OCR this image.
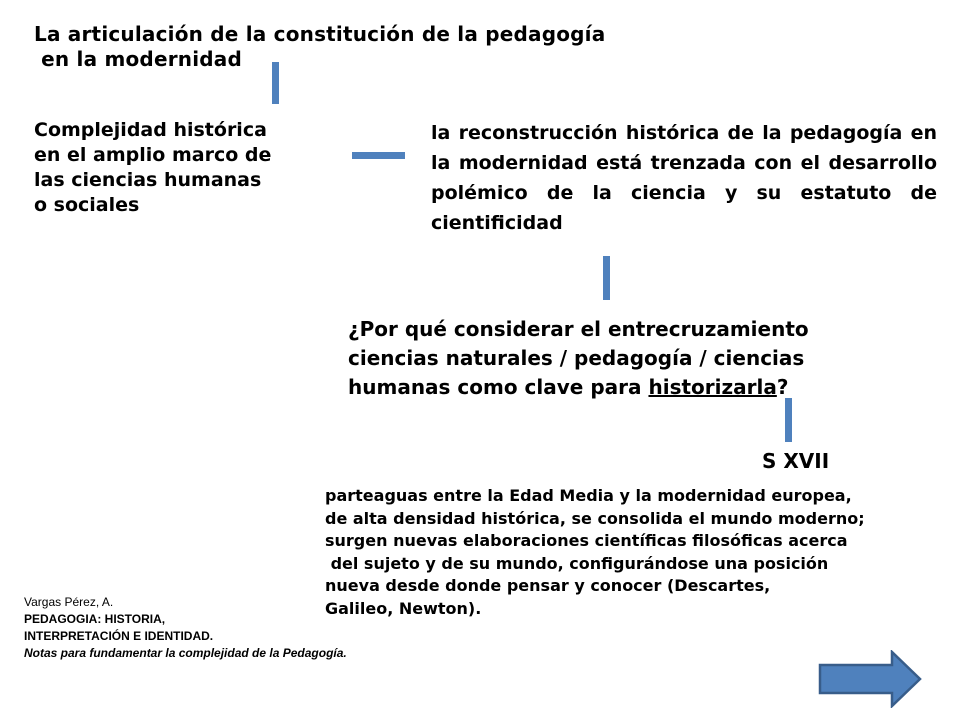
La articulación de la constitución de la pedagogía
en la modernidad
Complejidad histórica
en el amplio marco de
las ciencias humanas
o sociales
la reconstrucción histórica de la pedagogía en la modernidad está trenzada con el desarrollo polémico de la ciencia y su estatuto de cientificidad
¿Por qué considerar el entrecruzamiento
ciencias naturales / pedagogía / ciencias
humanas como clave para historizarla?
S XVII
parteaguas entre la Edad Media y la modernidad europea,
de alta densidad histórica, se consolida el mundo moderno;
surgen nuevas elaboraciones científicas filosóficas acerca
del sujeto y de su mundo, configurándose una posición
nueva desde donde pensar y conocer (Descartes,
Galileo, Newton).
Vargas Pérez, A.
PEDAGOGIA: HISTORIA,
INTERPRETACIÓN E IDENTIDAD.
Notas para fundamentar la complejidad de la Pedagogía.
